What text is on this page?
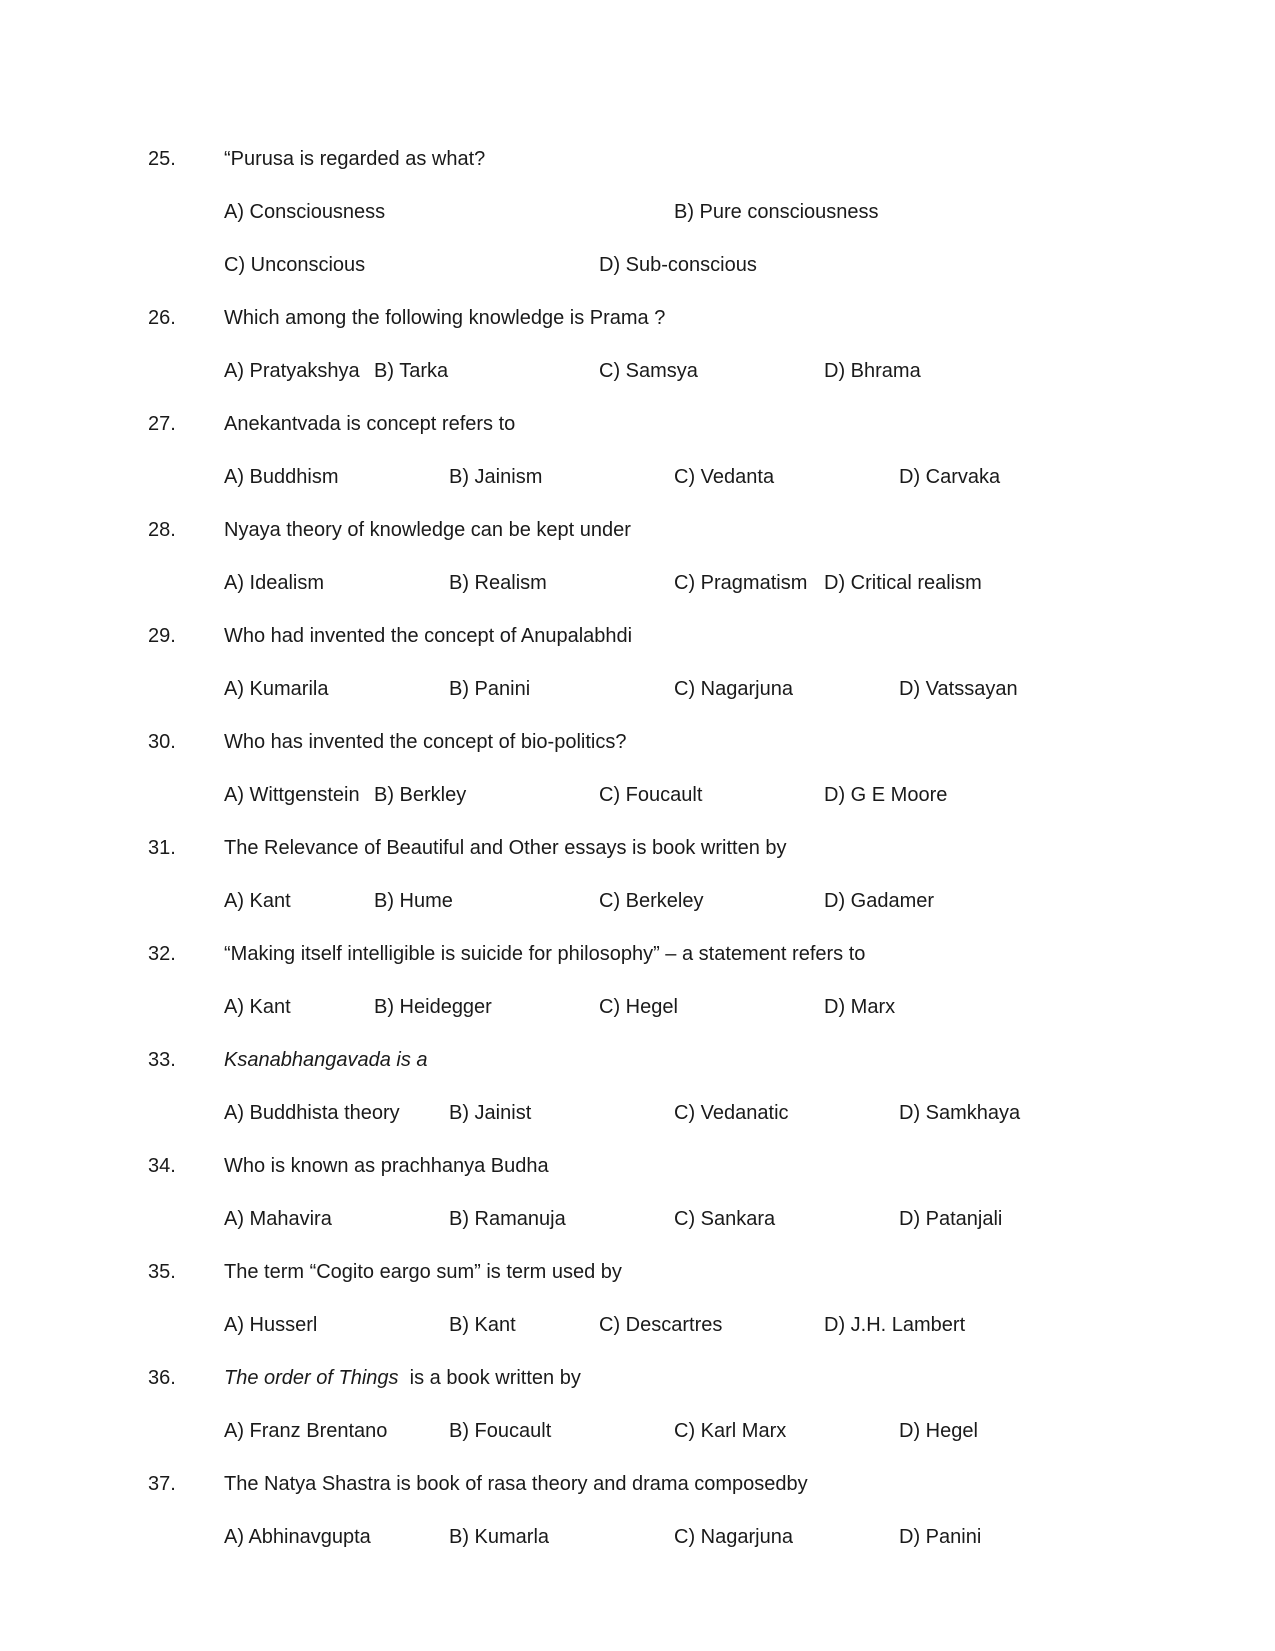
25. “Purusa is regarded as what?
A) Consciousness	B) Pure consciousness
C) Unconscious	D) Sub-conscious
26. Which among the following knowledge is Prama ?
A) Pratyakshya B) Tarka	C) Samsya	D) Bhrama
27. Anekantvada is concept refers to
A) Buddhism	B) Jainism	C) Vedanta	D) Carvaka
28. Nyaya theory of knowledge can be kept under
A) Idealism	B) Realism	C) Pragmatism D) Critical realism
29. Who had invented the concept of Anupalabhdi
A) Kumarila	B) Panini	C) Nagarjuna	D) Vatssayan
30. Who has invented the concept of bio-politics?
A) Wittgenstein B) Berkley	C) Foucault	D) G E Moore
31. The Relevance of Beautiful and Other essays is book written by
A) Kant	B) Hume	C) Berkeley	D) Gadamer
32. “Making itself intelligible is suicide for philosophy” – a statement refers to
A) Kant	B) Heidegger	C) Hegel	D) Marx
33. Ksanabhangavada is a
A) Buddhista theory B) Jainist	C) Vedanatic	D) Samkhaya
34. Who is known as prachhanya Budha
A) Mahavira	B) Ramanuja	C) Sankara	D) Patanjali
35. The term “Cogito eargo sum” is term used by
A) Husserl	B) Kant	C) Descartres	D) J.H. Lambert
36. The order of Things  is a book written by
A) Franz Brentano	B) Foucault	C) Karl Marx	D) Hegel
37. The Natya Shastra is book of rasa theory and drama composedby
A) Abhinavgupta	B) Kumarla	C) Nagarjuna	D) Panini
